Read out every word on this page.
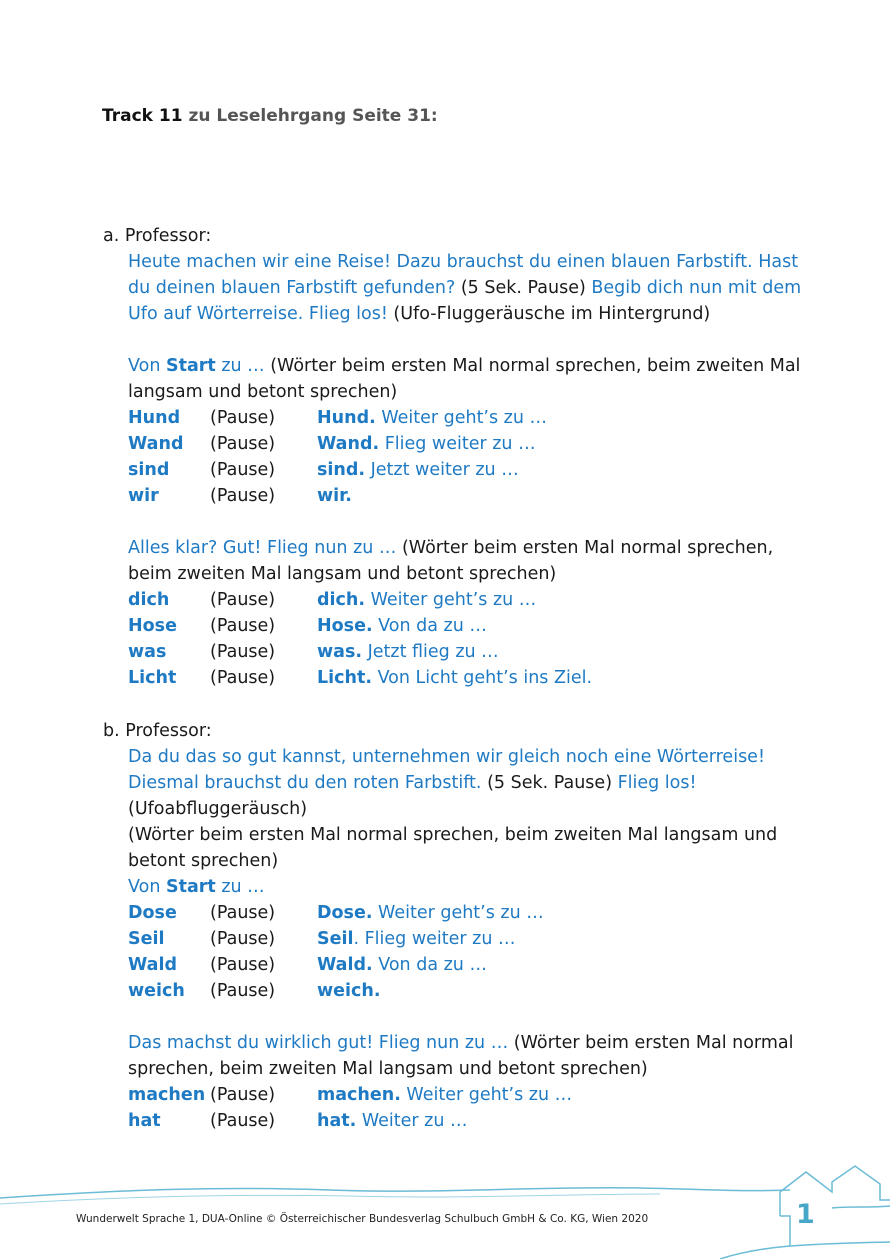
Track 11 zu Leselehrgang Seite 31:
a. Professor:
Heute machen wir eine Reise! Dazu brauchst du einen blauen Farbstift. Hast
du deinen blauen Farbstift gefunden? (5 Sek. Pause) Begib dich nun mit dem
Ufo auf Wörterreise. Flieg los! (Ufo-Fluggeräusche im Hintergrund)
Von Start zu … (Wörter beim ersten Mal normal sprechen, beim zweiten Mal
langsam und betont sprechen)
Hund (Pause) Hund. Weiter geht’s zu …
Wand (Pause) Wand. Flieg weiter zu …
sind (Pause) sind. Jetzt weiter zu …
wir	(Pause) wir.
Alles klar? Gut! Flieg nun zu … (Wörter beim ersten Mal normal sprechen,
beim zweiten Mal langsam und betont sprechen)
dich (Pause) dich. Weiter geht’s zu …
Hose (Pause) Hose. Von da zu …
was (Pause) was. Jetzt flieg zu …
Licht (Pause) Licht. Von Licht geht’s ins Ziel.
b. Professor:
Da du das so gut kannst, unternehmen wir gleich noch eine Wörterreise!
Diesmal brauchst du den roten Farbstift. (5 Sek. Pause) Flieg los!
(Ufoabfluggeräusch)
(Wörter beim ersten Mal normal sprechen, beim zweiten Mal langsam und
betont sprechen)
Von Start zu …
Dose (Pause) Dose. Weiter geht’s zu …
Seil	(Pause) Seil. Flieg weiter zu …
Wald (Pause) Wald. Von da zu …
weich (Pause) weich.
Das machst du wirklich gut! Flieg nun zu … (Wörter beim ersten Mal normal
sprechen, beim zweiten Mal langsam und betont sprechen)
machen (Pause) machen. Weiter geht’s zu …
hat	(Pause) hat. Weiter zu …
Wunderwelt Sprache 1, DUA-Online © Österreichischer Bundesverlag Schulbuch GmbH & Co. KG, Wien 2020	1
